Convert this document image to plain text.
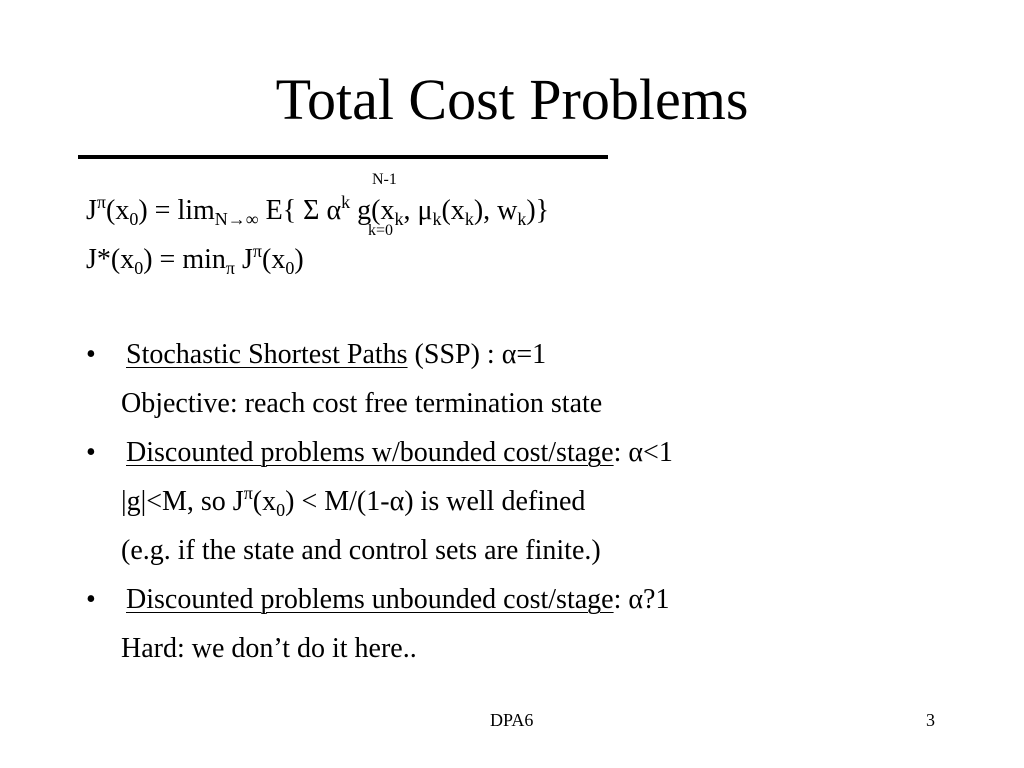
Total Cost Problems
N-1
k=0
$J^\pi(x_0) = \lim_{N\to\infty} E${ Σ $\alpha^k$ $g(x_k$, $\mu_k(x_k)$, $w_k$)}
$J*(x_0) = \min_\pi J^\pi(x_0)$
• Stochastic Shortest Paths (SSP) : α=1
Objective: reach cost free termination state
• Discounted problems w/bounded cost/stage: α<1
|g|<M, so $J^\pi(x_0) < M/(1-\alpha)$ is well defined
(e.g. if the state and control sets are finite.)
• Discounted problems unbounded cost/stage: α?1
Hard: we don’t do it here..
DPA6	3
